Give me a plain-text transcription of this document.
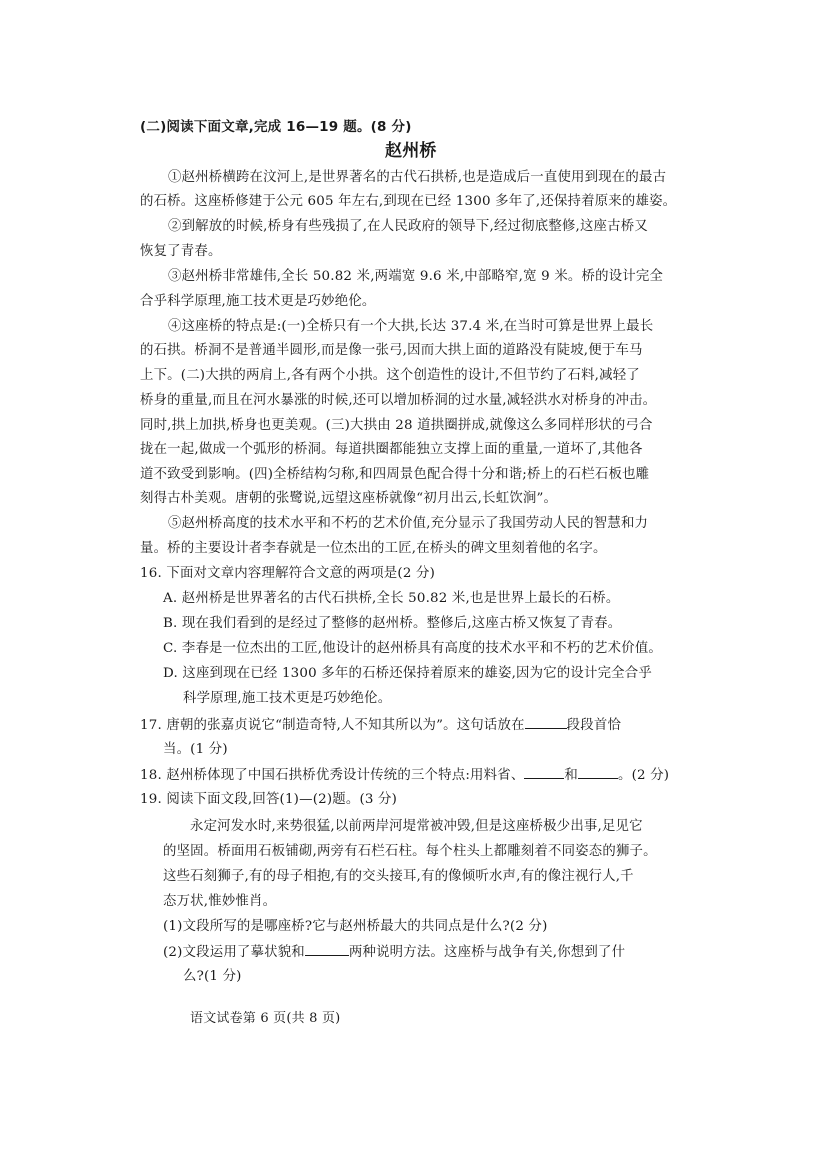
(二)阅读下面文章,完成 16—19 题。(8 分)
赵州桥
①赵州桥横跨在汶河上,是世界著名的古代石拱桥,也是造成后一直使用到现在的最古
的石桥。这座桥修建于公元 605 年左右,到现在已经 1300 多年了,还保持着原来的雄姿。
②到解放的时候,桥身有些残损了,在人民政府的领导下,经过彻底整修,这座古桥又
恢复了青春。
③赵州桥非常雄伟,全长 50.82 米,两端宽 9.6 米,中部略窄,宽 9 米。桥的设计完全
合乎科学原理,施工技术更是巧妙绝伦。
④这座桥的特点是:(一)全桥只有一个大拱,长达 37.4 米,在当时可算是世界上最长
的石拱。桥洞不是普通半圆形,而是像一张弓,因而大拱上面的道路没有陡坡,便于车马
上下。(二)大拱的两肩上,各有两个小拱。这个创造性的设计,不但节约了石料,减轻了
桥身的重量,而且在河水暴涨的时候,还可以增加桥洞的过水量,减轻洪水对桥身的冲击。
同时,拱上加拱,桥身也更美观。(三)大拱由 28 道拱圈拼成,就像这么多同样形状的弓合
拢在一起,做成一个弧形的桥洞。每道拱圈都能独立支撑上面的重量,一道坏了,其他各
道不致受到影响。(四)全桥结构匀称,和四周景色配合得十分和谐;桥上的石栏石板也雕
刻得古朴美观。唐朝的张鹭说,远望这座桥就像“初月出云,长虹饮涧”。
⑤赵州桥高度的技术水平和不朽的艺术价值,充分显示了我国劳动人民的智慧和力
量。桥的主要设计者李春就是一位杰出的工匠,在桥头的碑文里刻着他的名字。
16. 下面对文章内容理解符合文意的两项是(2 分)
A. 赵州桥是世界著名的古代石拱桥,全长 50.82 米,也是世界上最长的石桥。
B. 现在我们看到的是经过了整修的赵州桥。整修后,这座古桥又恢复了青春。
C. 李春是一位杰出的工匠,他设计的赵州桥具有高度的技术水平和不朽的艺术价值。
D. 这座到现在已经 1300 多年的石桥还保持着原来的雄姿,因为它的设计完全合乎
科学原理,施工技术更是巧妙绝伦。
17. 唐朝的张嘉贞说它“制造奇特,人不知其所以为”。这句话放在	段段首恰
当。(1 分)
18. 赵州桥体现了中国石拱桥优秀设计传统的三个特点:用料省、	和	。(2 分)
19. 阅读下面文段,回答(1)—(2)题。(3 分)
永定河发水时,来势很猛,以前两岸河堤常被冲毁,但是这座桥极少出事,足见它
的坚固。桥面用石板铺砌,两旁有石栏石柱。每个柱头上都雕刻着不同姿态的狮子。
这些石刻狮子,有的母子相抱,有的交头接耳,有的像倾听水声,有的像注视行人,千
态万状,惟妙惟肖。
(1)文段所写的是哪座桥?它与赵州桥最大的共同点是什么?(2 分)
(2)文段运用了摹状貌和	两种说明方法。这座桥与战争有关,你想到了什
么?(1 分)
语文试卷第 6 页(共 8 页)
